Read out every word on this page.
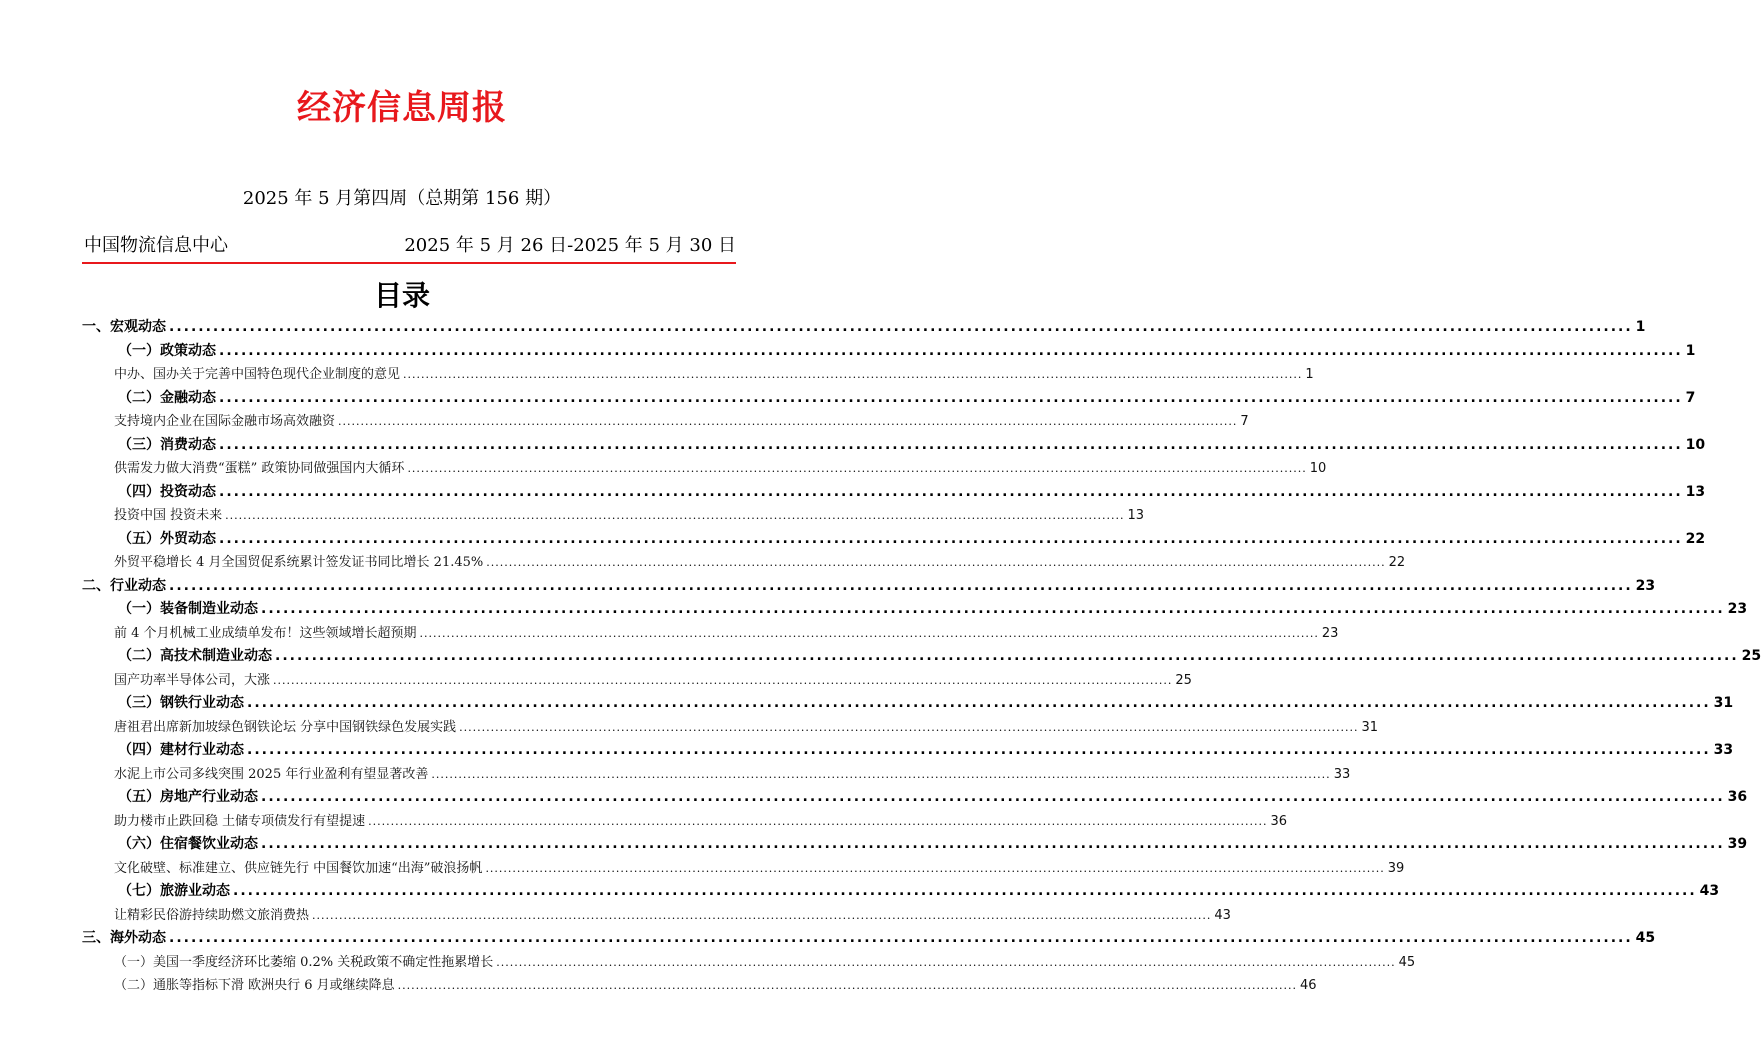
经济信息周报
2025 年 5 月第四周（总期第 156 期）
中国物流信息中心	2025 年 5 月 26 日-2025 年 5 月 30 日
目录
一、宏观动态 ........................................................................................................................................................................................................ 1
（一）政策动态 ........................................................................................................................................................................................................ 1
中办、国办关于完善中国特色现代企业制度的意见 ........................................................................................................................................................................................................ 1
（二）金融动态 ........................................................................................................................................................................................................ 7
支持境内企业在国际金融市场高效融资 ........................................................................................................................................................................................................ 7
（三）消费动态 ........................................................................................................................................................................................................ 10
供需发力做大消费“蛋糕” 政策协同做强国内大循环 ........................................................................................................................................................................................................ 10
（四）投资动态 ........................................................................................................................................................................................................ 13
投资中国 投资未来 ........................................................................................................................................................................................................ 13
（五）外贸动态 ........................................................................................................................................................................................................ 22
外贸平稳增长 4 月全国贸促系统累计签发证书同比增长 21.45% ........................................................................................................................................................................................................ 22
二、行业动态 ........................................................................................................................................................................................................ 23
（一）装备制造业动态 ........................................................................................................................................................................................................ 23
前 4 个月机械工业成绩单发布！这些领域增长超预期 ........................................................................................................................................................................................................ 23
（二）高技术制造业动态 ........................................................................................................................................................................................................ 25
国产功率半导体公司，大涨 ........................................................................................................................................................................................................ 25
（三）钢铁行业动态 ........................................................................................................................................................................................................ 31
唐祖君出席新加坡绿色钢铁论坛 分享中国钢铁绿色发展实践 ........................................................................................................................................................................................................ 31
（四）建材行业动态 ........................................................................................................................................................................................................ 33
水泥上市公司多线突围 2025 年行业盈利有望显著改善 ........................................................................................................................................................................................................ 33
（五）房地产行业动态 ........................................................................................................................................................................................................ 36
助力楼市止跌回稳 土储专项债发行有望提速 ........................................................................................................................................................................................................ 36
（六）住宿餐饮业动态 ........................................................................................................................................................................................................ 39
文化破壁、标准建立、供应链先行 中国餐饮加速“出海”破浪扬帆 ........................................................................................................................................................................................................ 39
（七）旅游业动态 ........................................................................................................................................................................................................ 43
让精彩民俗游持续助燃文旅消费热 ........................................................................................................................................................................................................ 43
三、海外动态 ........................................................................................................................................................................................................ 45
（一）美国一季度经济环比萎缩 0.2% 关税政策不确定性拖累增长 ........................................................................................................................................................................................................ 45
（二）通胀等指标下滑 欧洲央行 6 月或继续降息 ........................................................................................................................................................................................................ 46
